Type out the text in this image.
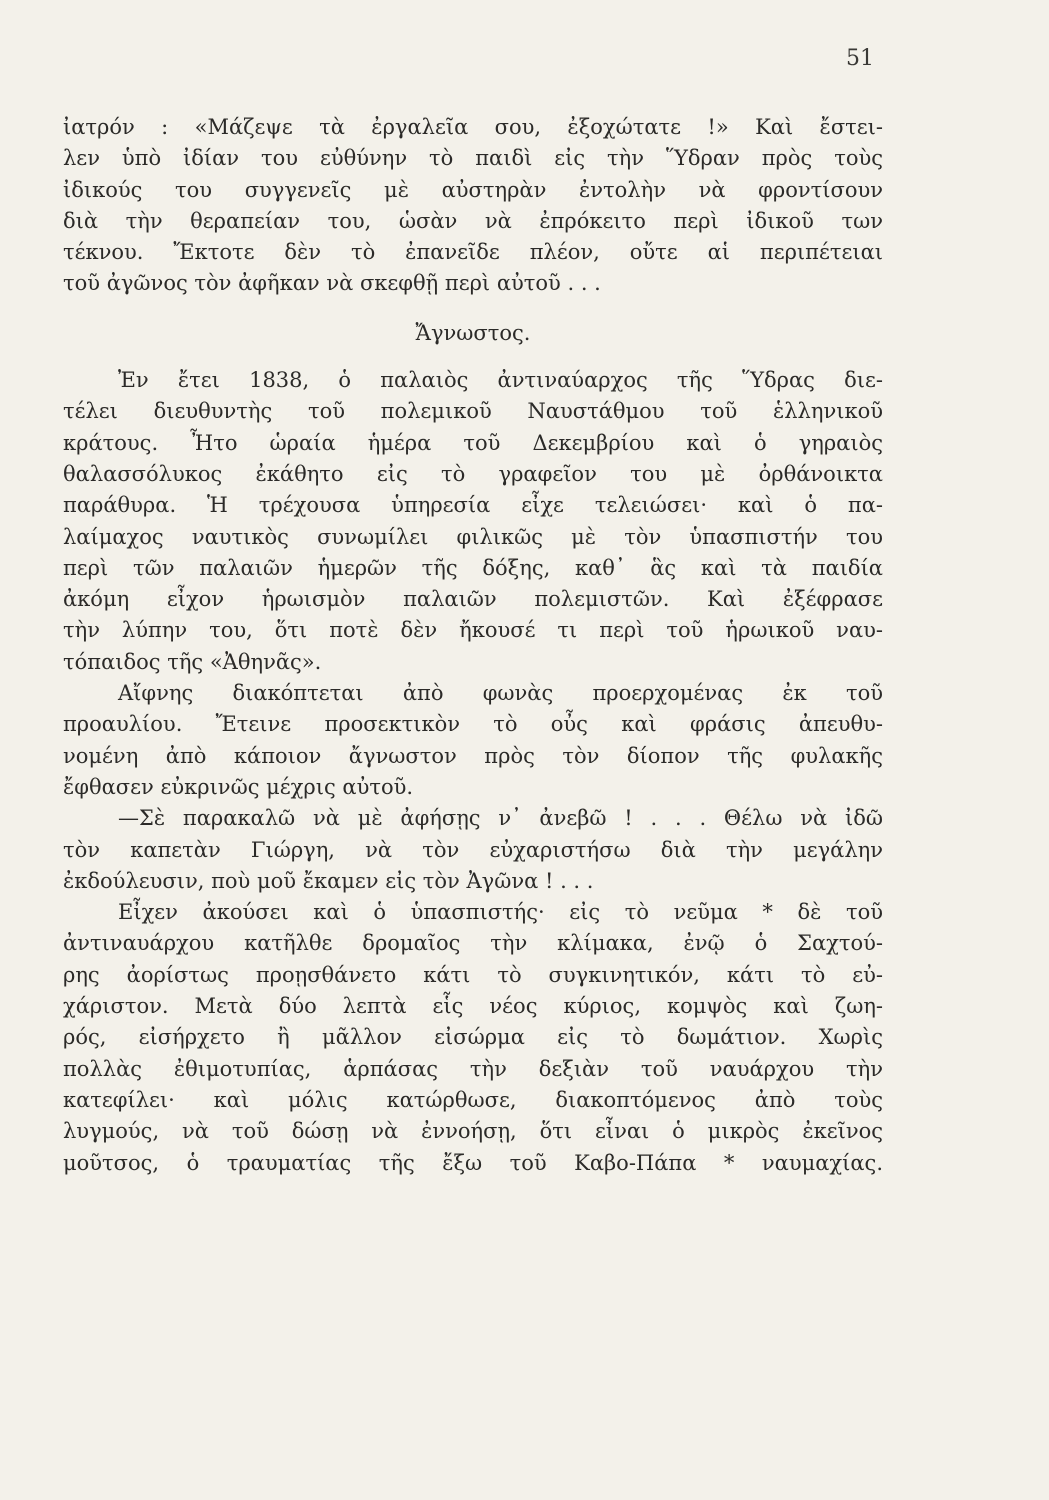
51
ἰατρόν : «Μάζεψε τὰ ἐργαλεῖα σου, ἐξοχώτατε !» Καὶ ἔστει-
λεν ὑπὸ ἰδίαν του εὐθύνην τὸ παιδὶ εἰς τὴν Ὕδραν πρὸς τοὺς
ἰδικούς του συγγενεῖς μὲ αὐστηρὰν ἐντολὴν νὰ φροντίσουν
διὰ τὴν θεραπείαν του, ὡσὰν νὰ ἐπρόκειτο περὶ ἰδικοῦ των
τέκνου. Ἔκτοτε δὲν τὸ ἐπανεῖδε πλέον, οὔτε αἱ περιπέτειαι
τοῦ ἀγῶνος τὸν ἀφῆκαν νὰ σκεφθῇ περὶ αὐτοῦ . . .
Ἄγνωστος.
Ἐν ἔτει 1838, ὁ παλαιὸς ἀντιναύαρχος τῆς Ὕδρας διε-
τέλει διευθυντὴς τοῦ πολεμικοῦ Ναυστάθμου τοῦ ἑλληνικοῦ
κράτους. Ἦτο ὡραία ἡμέρα τοῦ Δεκεμβρίου καὶ ὁ γηραιὸς
θαλασσόλυκος ἐκάθητο εἰς τὸ γραφεῖον του μὲ ὀρθάνοικτα
παράθυρα. Ἡ τρέχουσα ὑπηρεσία εἶχε τελειώσει· καὶ ὁ πα-
λαίμαχος ναυτικὸς συνωμίλει φιλικῶς μὲ τὸν ὑπασπιστήν του
περὶ τῶν παλαιῶν ἡμερῶν τῆς δόξης, καθ᾿ ἃς καὶ τὰ παιδία
ἀκόμη εἶχον ἡρωισμὸν παλαιῶν πολεμιστῶν. Καὶ ἐξέφρασε
τὴν λύπην του, ὅτι ποτὲ δὲν ἤκουσέ τι περὶ τοῦ ἡρωικοῦ ναυ-
τόπαιδος τῆς «Ἀθηνᾶς».
Αἴφνης διακόπτεται ἀπὸ φωνὰς προερχομένας ἐκ τοῦ
προαυλίου. Ἔτεινε προσεκτικὸν τὸ οὖς καὶ φράσις ἀπευθυ-
νομένη ἀπὸ κάποιον ἄγνωστον πρὸς τὸν δίοπον τῆς φυλακῆς
ἔφθασεν εὐκρινῶς μέχρις αὐτοῦ.
—Σὲ παρακαλῶ νὰ μὲ ἀφήσῃς ν᾿ ἀνεβῶ ! . . . Θέλω νὰ ἰδῶ
τὸν καπετὰν Γιώργη, νὰ τὸν εὐχαριστήσω διὰ τὴν μεγάλην
ἐκδούλευσιν, ποὺ μοῦ ἔκαμεν εἰς τὸν Ἀγῶνα ! . . .
Εἶχεν ἀκούσει καὶ ὁ ὑπασπιστής· εἰς τὸ νεῦμα * δὲ τοῦ
ἀντιναυάρχου κατῆλθε δρομαῖος τὴν κλίμακα, ἐνῷ ὁ Σαχτού-
ρης ἀορίστως προῃσθάνετο κάτι τὸ συγκινητικόν, κάτι τὸ εὐ-
χάριστον. Μετὰ δύο λεπτὰ εἷς νέος κύριος, κομψὸς καὶ ζωη-
ρός, εἰσήρχετο ἢ μᾶλλον εἰσώρμα εἰς τὸ δωμάτιον. Χωρὶς
πολλὰς ἐθιμοτυπίας, ἁρπάσας τὴν δεξιὰν τοῦ ναυάρχου τὴν
κατεφίλει· καὶ μόλις κατώρθωσε, διακοπτόμενος ἀπὸ τοὺς
λυγμούς, νὰ τοῦ δώσῃ νὰ ἐννοήσῃ, ὅτι εἶναι ὁ μικρὸς ἐκεῖνος
μοῦτσος, ὁ τραυματίας τῆς ἔξω τοῦ Καβο-Πάπα * ναυμαχίας.
